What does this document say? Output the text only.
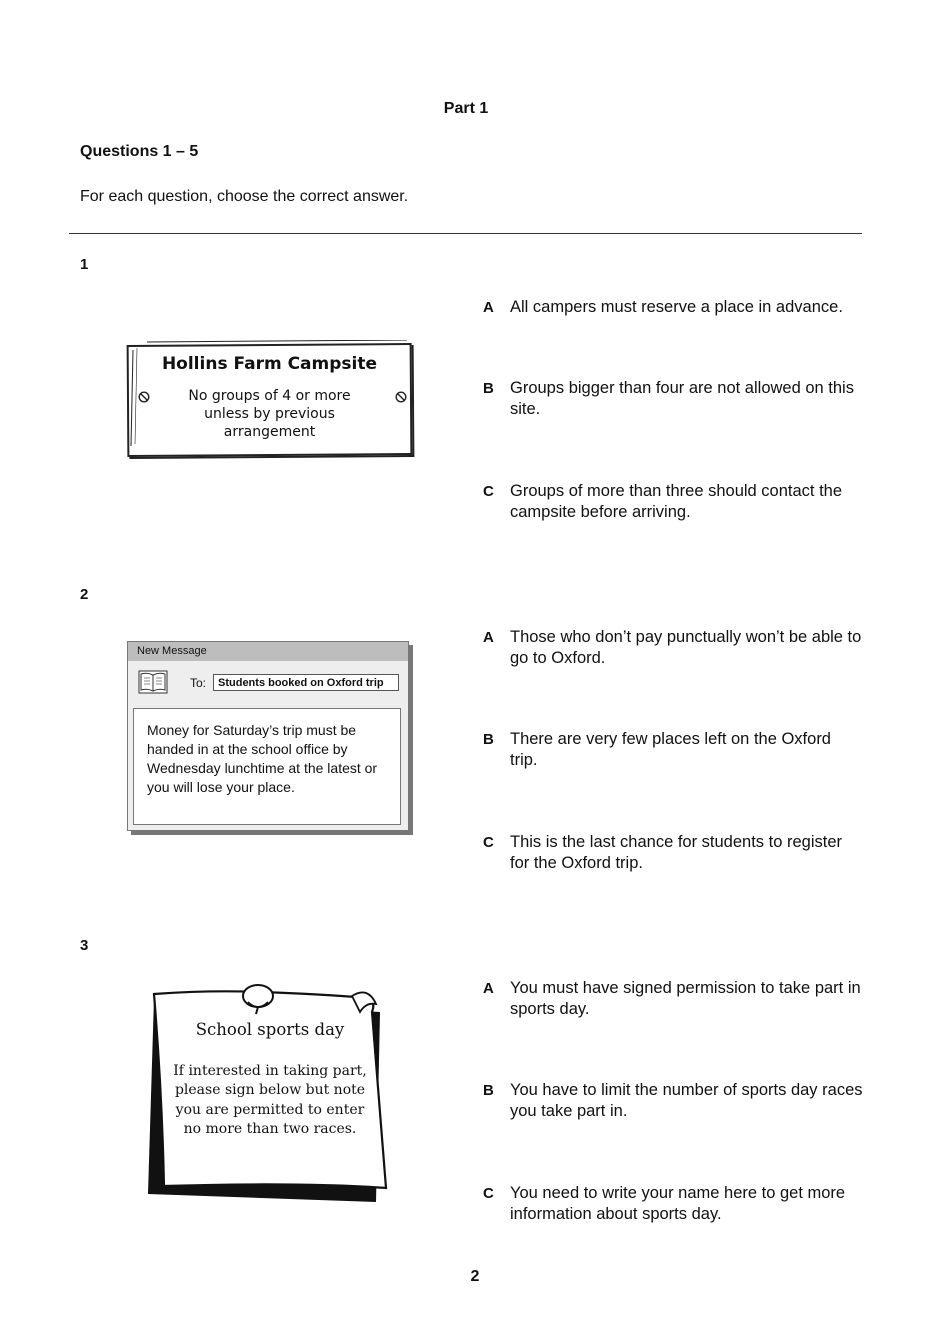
Part 1
Questions 1 – 5
For each question, choose the correct answer.
1
Hollins Farm Campsite
No groups of 4 or more unless by previous arrangement
A All campers must reserve a place in advance.
B Groups bigger than four are not allowed on this site.
C Groups of more than three should contact the campsite before arriving.
2
New Message
To:	Students booked on Oxford trip
Money for Saturday’s trip must be handed in at the school office by Wednesday lunchtime at the latest or you will lose your place.
A Those who don’t pay punctually won’t be able to go to Oxford.
B There are very few places left on the Oxford trip.
C This is the last chance for students to register for the Oxford trip.
3
School sports day
If interested in taking part, please sign below but note you are permitted to enter no more than two races.
A You must have signed permission to take part in sports day.
B You have to limit the number of sports day races you take part in.
C You need to write your name here to get more information about sports day.
2
